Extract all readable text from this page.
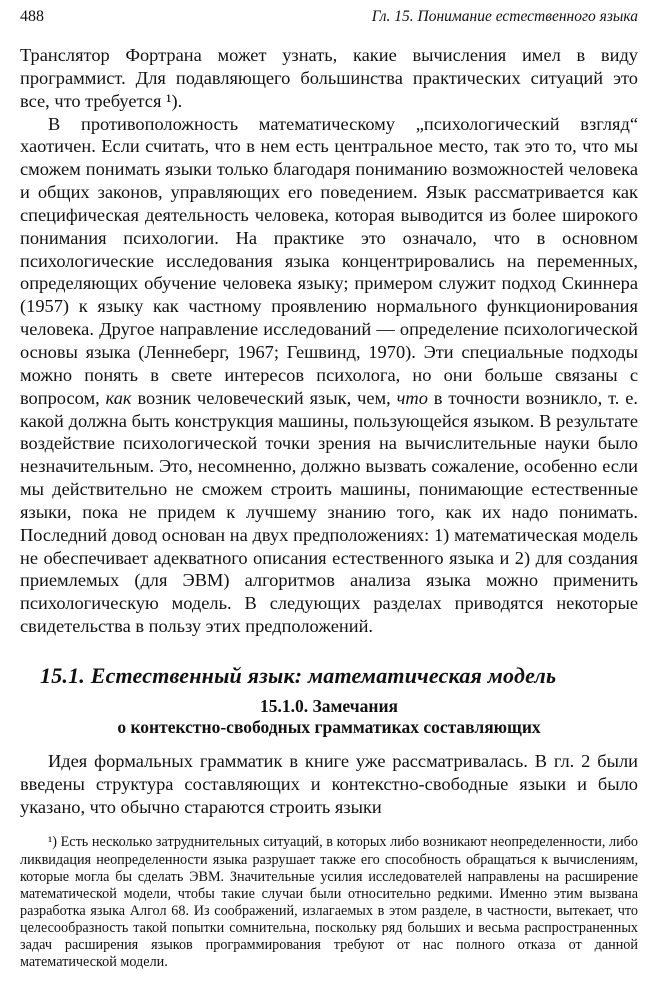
488	Гл. 15. Понимание естественного языка

Транслятор Фортрана может узнать, какие вычисления имел в виду программист. Для подавляющего большинства практических ситуаций это все, что требуется ¹).

В противоположность математическому „психологический взгляд“ хаотичен. Если считать, что в нем есть центральное место, так это то, что мы сможем понимать языки только благодаря пониманию возможностей человека и общих законов, управляющих его поведением. Язык рассматривается как специфическая деятельность человека, которая выводится из более широкого понимания психологии. На практике это означало, что в основном психологические исследования языка концентрировались на переменных, определяющих обучение человека языку; примером служит подход Скиннера (1957) к языку как частному проявлению нормального функционирования человека. Другое направление исследований — определение психологической основы языка (Леннеберг, 1967; Гешвинд, 1970). Эти специальные подходы можно понять в свете интересов психолога, но они больше связаны с вопросом, как возник человеческий язык, чем, что в точности возникло, т. е. какой должна быть конструкция машины, пользующейся языком. В результате воздействие психологической точки зрения на вычислительные науки было незначительным. Это, несомненно, должно вызвать сожаление, особенно если мы действительно не сможем строить машины, понимающие естественные языки, пока не придем к лучшему знанию того, как их надо понимать. Последний довод основан на двух предположениях: 1) математическая модель не обеспечивает адекватного описания естественного языка и 2) для создания приемлемых (для ЭВМ) алгоритмов анализа языка можно применить психологическую модель. В следующих разделах приводятся некоторые свидетельства в пользу этих предположений.

15.1. Естественный язык: математическая модель
15.1.0. Замечания
о контекстно-свободных грамматиках составляющих

Идея формальных грамматик в книге уже рассматривалась. В гл. 2 были введены структура составляющих и контекстно-свободные языки и было указано, что обычно стараются строить языки

¹) Есть несколько затруднительных ситуаций, в которых либо возникают неопределенности, либо ликвидация неопределенности языка разрушает также его способность обращаться к вычислениям, которые могла бы сделать ЭВМ. Значительные усилия исследователей направлены на расширение математической модели, чтобы такие случаи были относительно редкими. Именно этим вызвана разработка языка Алгол 68. Из соображений, излагаемых в этом разделе, в частности, вытекает, что целесообразность такой попытки сомнительна, поскольку ряд больших и весьма распространенных задач расширения языков программирования требуют от нас полного отказа от данной математической модели.
